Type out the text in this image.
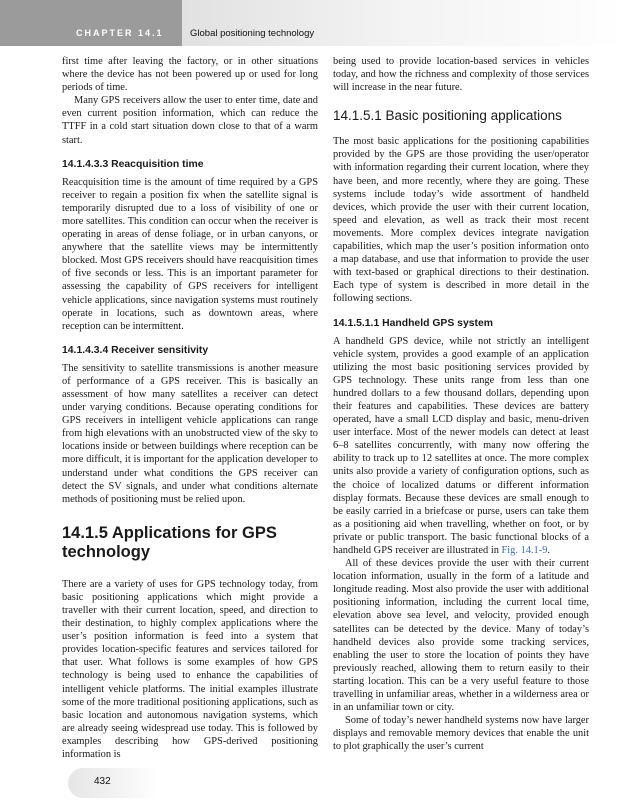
CHAPTER 14.1	Global positioning technology

first time after leaving the factory, or in other situations where the device has not been powered up or used for long periods of time.

Many GPS receivers allow the user to enter time, date and even current position information, which can reduce the TTFF in a cold start situation down close to that of a warm start.

14.1.4.3.3 Reacquisition time

Reacquisition time is the amount of time required by a GPS receiver to regain a position fix when the satellite signal is temporarily disrupted due to a loss of visibility of one or more satellites. This condition can occur when the receiver is operating in areas of dense foliage, or in urban canyons, or anywhere that the satellite views may be intermittently blocked. Most GPS receivers should have reacquisition times of five seconds or less. This is an important parameter for assessing the capability of GPS receivers for intelligent vehicle applications, since navigation systems must routinely operate in locations, such as downtown areas, where reception can be intermittent.

14.1.4.3.4 Receiver sensitivity

The sensitivity to satellite transmissions is another measure of performance of a GPS receiver. This is basically an assessment of how many satellites a receiver can detect under varying conditions. Because operating conditions for GPS receivers in intelligent vehicle applications can range from high elevations with an unobstructed view of the sky to locations inside or between buildings where reception can be more difficult, it is important for the application developer to understand under what conditions the GPS receiver can detect the SV signals, and under what conditions alternate methods of positioning must be relied upon.

14.1.5 Applications for GPS technology

There are a variety of uses for GPS technology today, from basic positioning applications which might provide a traveller with their current location, speed, and direction to their destination, to highly complex applications where the user’s position information is feed into a system that provides location-specific features and services tailored for that user. What follows is some examples of how GPS technology is being used to enhance the capabilities of intelligent vehicle platforms. The initial examples illustrate some of the more traditional positioning applications, such as basic location and autonomous navigation systems, which are already seeing widespread use today. This is followed by examples describing how GPS-derived positioning information is

being used to provide location-based services in vehicles today, and how the richness and complexity of those services will increase in the near future.

14.1.5.1 Basic positioning applications

The most basic applications for the positioning capabilities provided by the GPS are those providing the user/operator with information regarding their current location, where they have been, and more recently, where they are going. These systems include today’s wide assortment of handheld devices, which provide the user with their current location, speed and elevation, as well as track their most recent movements. More complex devices integrate navigation capabilities, which map the user’s position information onto a map database, and use that information to provide the user with text-based or graphical directions to their destination. Each type of system is described in more detail in the following sections.

14.1.5.1.1 Handheld GPS system

A handheld GPS device, while not strictly an intelligent vehicle system, provides a good example of an application utilizing the most basic positioning services provided by GPS technology. These units range from less than one hundred dollars to a few thousand dollars, depending upon their features and capabilities. These devices are battery operated, have a small LCD display and basic, menu-driven user interface. Most of the newer models can detect at least 6–8 satellites concurrently, with many now offering the ability to track up to 12 satellites at once. The more complex units also provide a variety of configuration options, such as the choice of localized datums or different information display formats. Because these devices are small enough to be easily carried in a briefcase or purse, users can take them as a positioning aid when travelling, whether on foot, or by private or public transport. The basic functional blocks of a handheld GPS receiver are illustrated in Fig. 14.1-9.

All of these devices provide the user with their current location information, usually in the form of a latitude and longitude reading. Most also provide the user with additional positioning information, including the current local time, elevation above sea level, and velocity, provided enough satellites can be detected by the device. Many of today’s handheld devices also provide some tracking services, enabling the user to store the location of points they have previously reached, allowing them to return easily to their starting location. This can be a very useful feature to those travelling in unfamiliar areas, whether in a wilderness area or in an unfamiliar town or city.

Some of today’s newer handheld systems now have larger displays and removable memory devices that enable the unit to plot graphically the user’s current

432
